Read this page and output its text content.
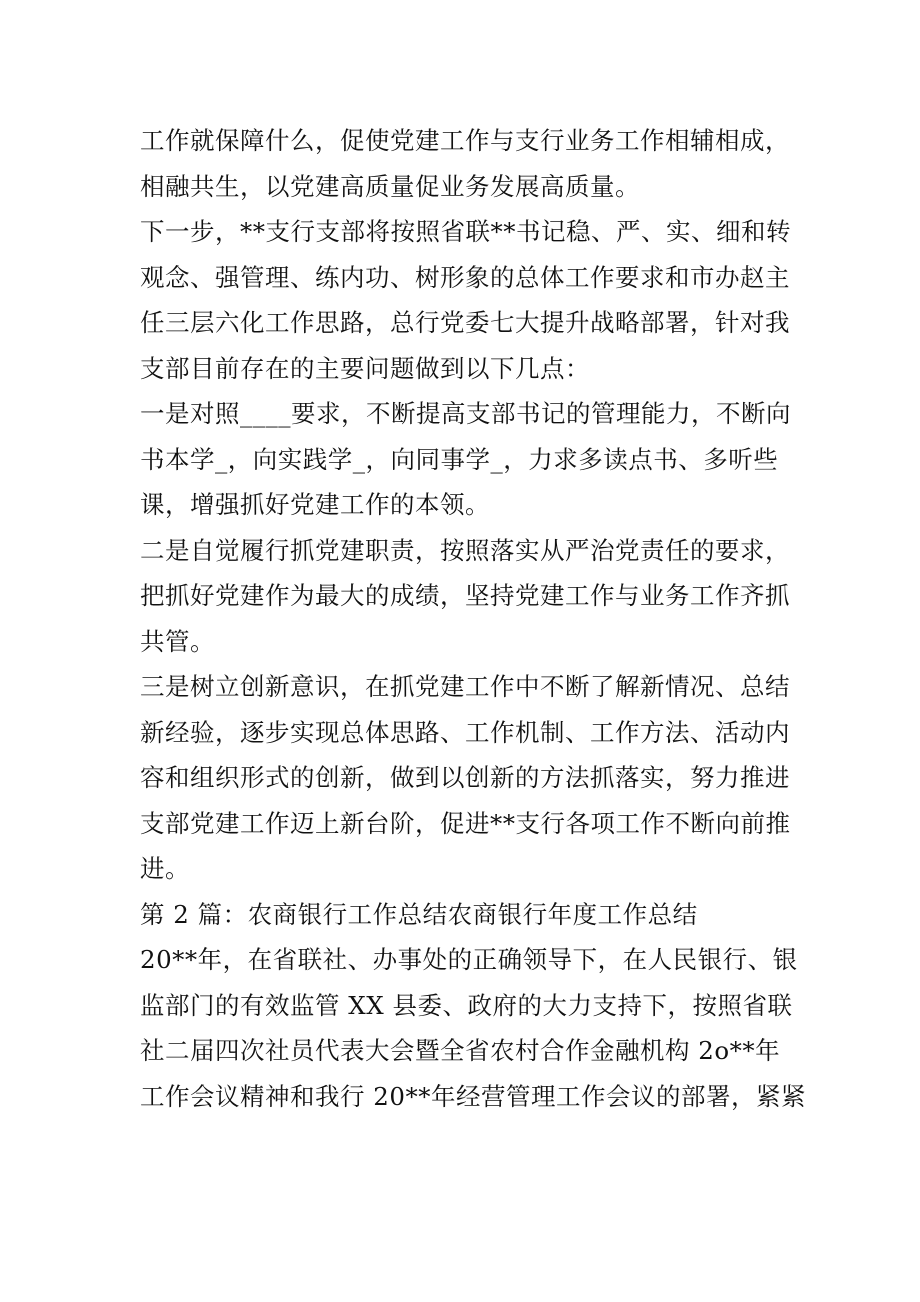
工作就保障什么，促使党建工作与支行业务工作相辅相成，
相融共生，以党建高质量促业务发展高质量。
下一步，**支行支部将按照省联**书记稳、严、实、细和转
观念、强管理、练内功、树形象的总体工作要求和市办赵主
任三层六化工作思路，总行党委七大提升战略部署，针对我
支部目前存在的主要问题做到以下几点：
一是对照____要求，不断提高支部书记的管理能力，不断向
书本学_，向实践学_，向同事学_，力求多读点书、多听些
课，增强抓好党建工作的本领。
二是自觉履行抓党建职责，按照落实从严治党责任的要求，
把抓好党建作为最大的成绩，坚持党建工作与业务工作齐抓
共管。
三是树立创新意识，在抓党建工作中不断了解新情况、总结
新经验，逐步实现总体思路、工作机制、工作方法、活动内
容和组织形式的创新，做到以创新的方法抓落实，努力推进
支部党建工作迈上新台阶，促进**支行各项工作不断向前推
进。
第 2 篇：农商银行工作总结农商银行年度工作总结
20**年，在省联社、办事处的正确领导下，在人民银行、银
监部门的有效监管 XX 县委、政府的大力支持下，按照省联
社二届四次社员代表大会暨全省农村合作金融机构 2o**年
工作会议精神和我行 20**年经营管理工作会议的部署，紧紧
